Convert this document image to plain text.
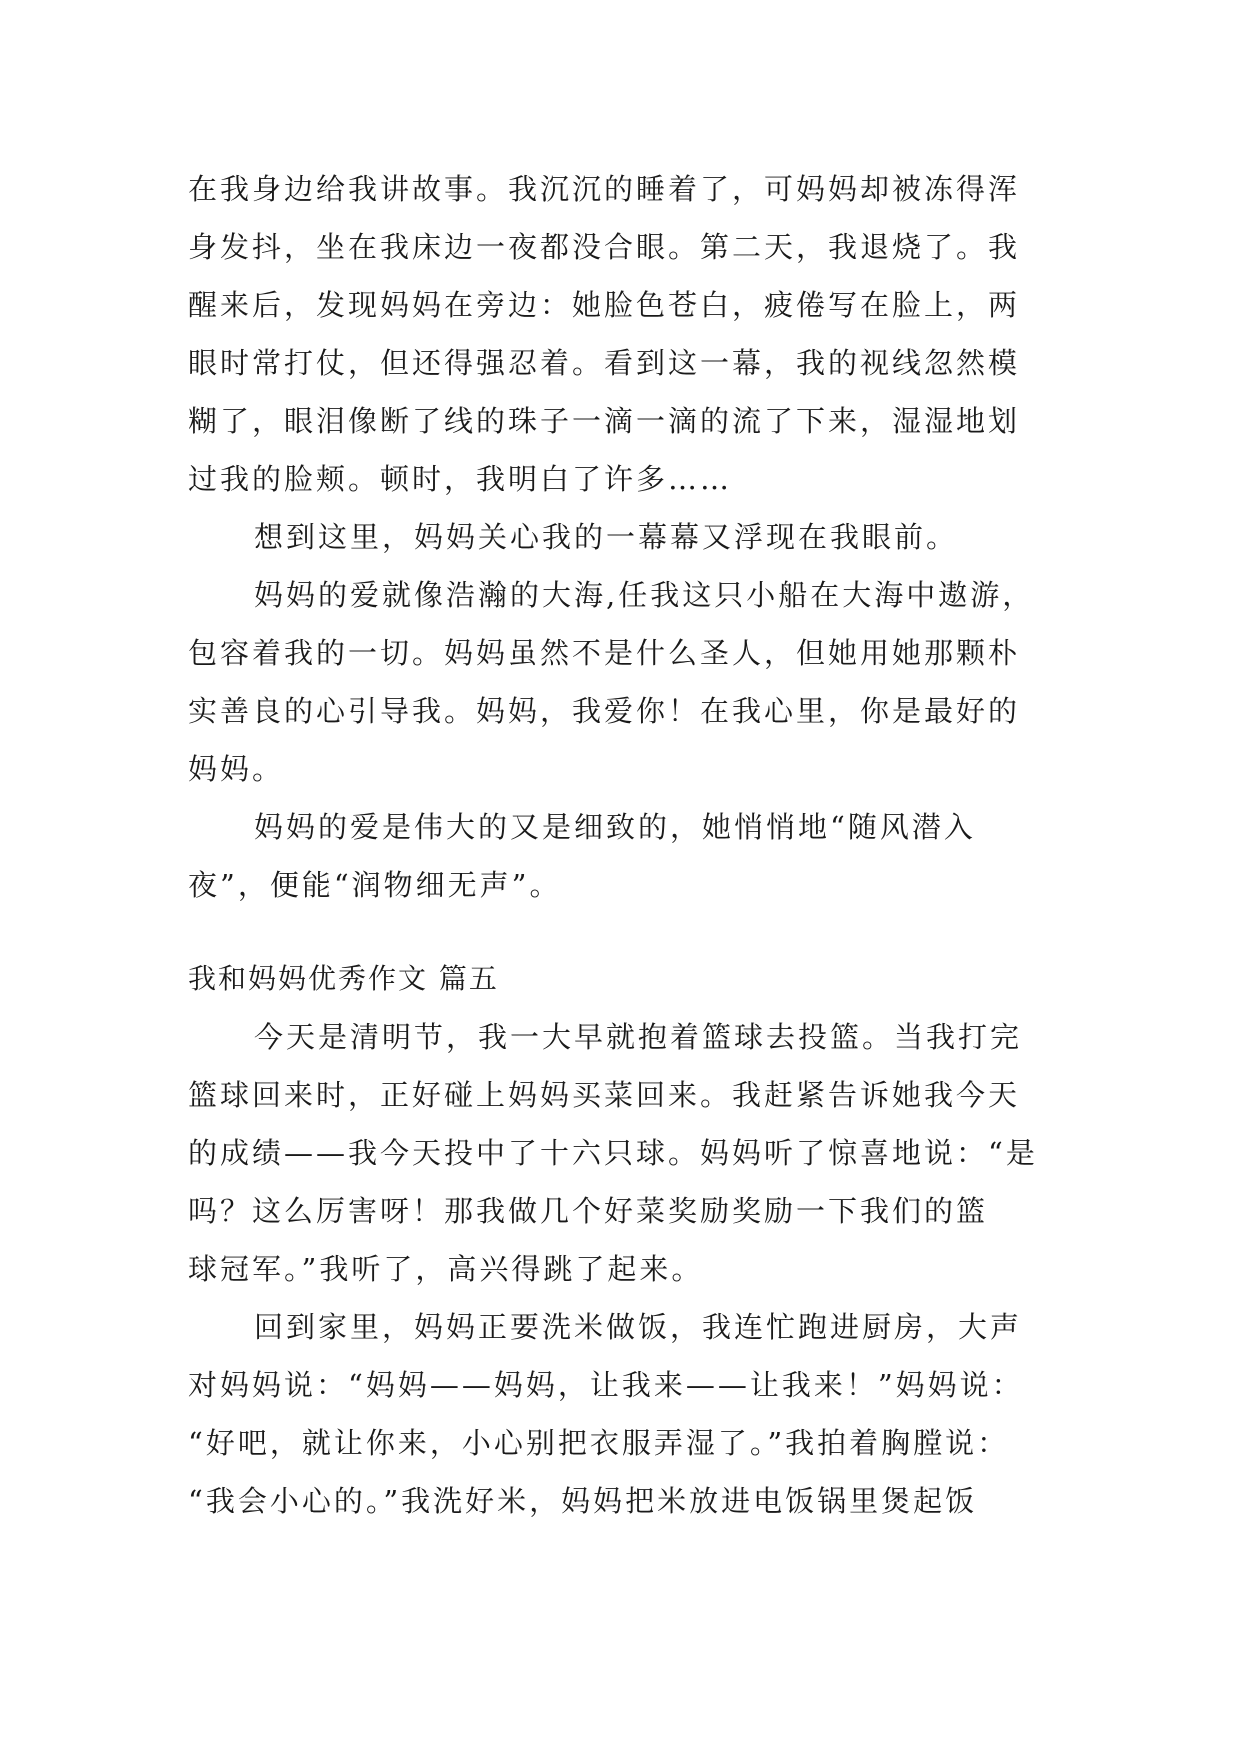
在我身边给我讲故事。我沉沉的睡着了，可妈妈却被冻得浑
身发抖，坐在我床边一夜都没合眼。第二天，我退烧了。我
醒来后，发现妈妈在旁边：她脸色苍白，疲倦写在脸上，两
眼时常打仗，但还得强忍着。看到这一幕，我的视线忽然模
糊了，眼泪像断了线的珠子一滴一滴的流了下来，湿湿地划
过我的脸颊。顿时，我明白了许多……
想到这里，妈妈关心我的一幕幕又浮现在我眼前。
妈妈的爱就像浩瀚的大海,任我这只小船在大海中遨游，
包容着我的一切。妈妈虽然不是什么圣人，但她用她那颗朴
实善良的心引导我。妈妈，我爱你！在我心里，你是最好的
妈妈。
妈妈的爱是伟大的又是细致的，她悄悄地“随风潜入
夜”，便能“润物细无声”。
我和妈妈优秀作文 篇五
今天是清明节，我一大早就抱着篮球去投篮。当我打完
篮球回来时，正好碰上妈妈买菜回来。我赶紧告诉她我今天
的成绩——我今天投中了十六只球。妈妈听了惊喜地说：“是
吗？这么厉害呀！那我做几个好菜奖励奖励一下我们的篮
球冠军。”我听了，高兴得跳了起来。
回到家里，妈妈正要洗米做饭，我连忙跑进厨房，大声
对妈妈说：“妈妈——妈妈，让我来——让我来！”妈妈说：
“好吧，就让你来，小心别把衣服弄湿了。”我拍着胸膛说：
“我会小心的。”我洗好米，妈妈把米放进电饭锅里煲起饭
